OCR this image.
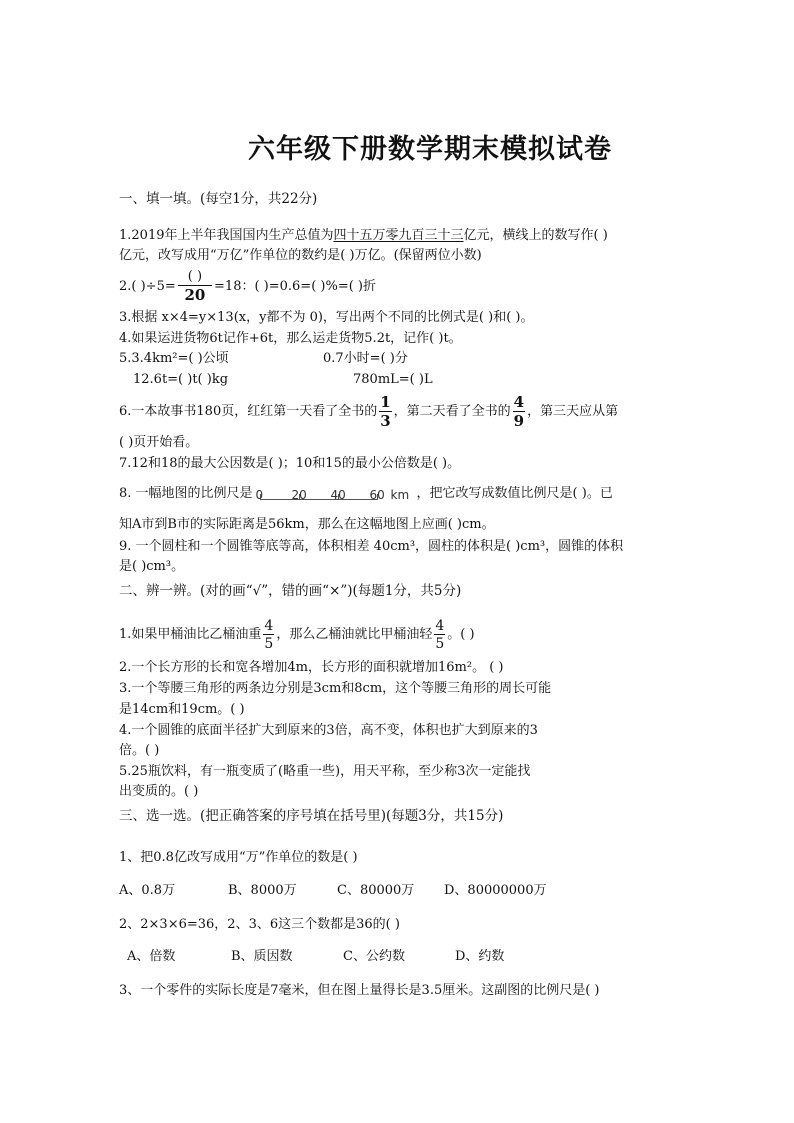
六年级下册数学期末模拟试卷
一、填一填。(每空1分，共22分)
1.2019年上半年我国国内生产总值为四十五万零九百三十三亿元，横线上的数写作( )
亿元，改写成用“万亿”作单位的数约是( )万亿。(保留两位小数)
2.( )$\div 5= \frac{( )}{20} =18$：( )=0.6=( )%=( )折
3.根据 x×4=y×13(x，y都不为 0)，写出两个不同的比例式是( )和( )。
4.如果运进货物6t记作+6t，那么运走货物5.2t，记作( )t。
5.3.4km²=( )公顷	0.7小时=( )分
12.6t=( )t( )kg	780mL=( )L
6.一本故事书180页，红红第一天看了全书的 $\frac{1}{3}$ ，第二天看了全书的 $\frac{4}{9}$ ，第三天应从第
( )页开始看。
7.12和18的最大公因数是( )；10和15的最小公倍数是( )。
8. 一幅地图的比例尺是 0 20 40 60 km ，把它改写成数值比例尺是( )。已
知A市到B市的实际距离是56km，那么在这幅地图上应画( )cm。
9. 一个圆柱和一个圆锥等底等高，体积相差 40cm³，圆柱的体积是( )cm³，圆锥的体积
是( )cm³。
二、辨一辨。(对的画“√”，错的画“×”)(每题1分，共5分)
1.如果甲桶油比乙桶油重 $\frac{4}{5}$ ，那么乙桶油就比甲桶油轻 $\frac{4}{5}$ 。( )
2.一个长方形的长和宽各增加4m，长方形的面积就增加16m²。 ( )
3.一个等腰三角形的两条边分别是3cm和8cm，这个等腰三角形的周长可能
是14cm和19cm。( )
4.一个圆锥的底面半径扩大到原来的3倍，高不变，体积也扩大到原来的3
倍。( )
5.25瓶饮料，有一瓶变质了(略重一些)，用天平称，至少称3次一定能找
出变质的。( )
三、选一选。(把正确答案的序号填在括号里)(每题3分，共15分)
1、把0.8亿改写成用“万”作单位的数是( )
A、0.8万	B、8000万	C、80000万 D、80000000万
2、2×3×6=36，2、3、6这三个数都是36的( )
A、倍数	B、质因数	C、公约数	D、约数
3、一个零件的实际长度是7毫米，但在图上量得长是3.5厘米。这副图的比例尺是( )
